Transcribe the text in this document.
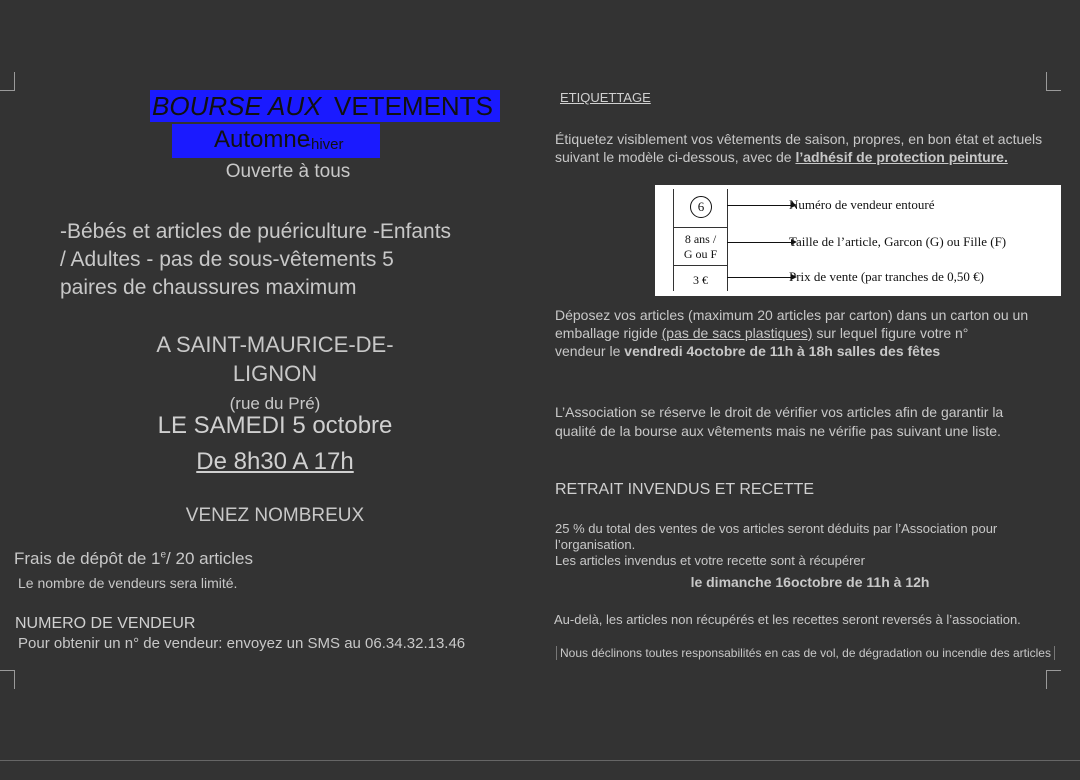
BOURSE AUX VETEMENTS
Automne
-hiver
Ouverte à tous
-Bébés et articles de puériculture -Enfants
/ Adultes - pas de sous-vêtements 5
paires de chaussures maximum
A SAINT-MAURICE-DE-
LIGNON
(rue du Pré)
LE SAMEDI 5 octobre
De 8h30 A 17h
VENEZ NOMBREUX
Frais de dépôt de 1e/ 20 articles
Le nombre de vendeurs sera limité.
NUMERO DE VENDEUR
Pour obtenir un n° de vendeur: envoyez un SMS au 06.34.32.13.46
ETIQUETTAGE
Étiquetez visiblement vos vêtements de saison, propres, en bon état et actuels suivant le modèle ci-dessous, avec de l’adhésif de protection peinture.
6
8 ans /
G ou F
3 €
Numéro de vendeur entouré
Taille de l’article, Garcon (G) ou Fille (F)
Prix de vente (par tranches de 0,50 €)
Déposez vos articles (maximum 20 articles par carton) dans un carton ou un emballage rigide (pas de sacs plastiques) sur lequel figure votre n°
vendeur le vendredi 4octobre de 11h à 18h salles des fêtes
L’Association se réserve le droit de vérifier vos articles afin de garantir la qualité de la bourse aux vêtements mais ne vérifie pas suivant une liste.
RETRAIT INVENDUS ET RECETTE
25 % du total des ventes de vos articles seront déduits par l’Association pour l’organisation.
Les articles invendus et votre recette sont à récupérer
le dimanche 16octobre de 11h à 12h
Au-delà, les articles non récupérés et les recettes seront reversés à l’association.
Nous déclinons toutes responsabilités en cas de vol, de dégradation ou incendie des articles
